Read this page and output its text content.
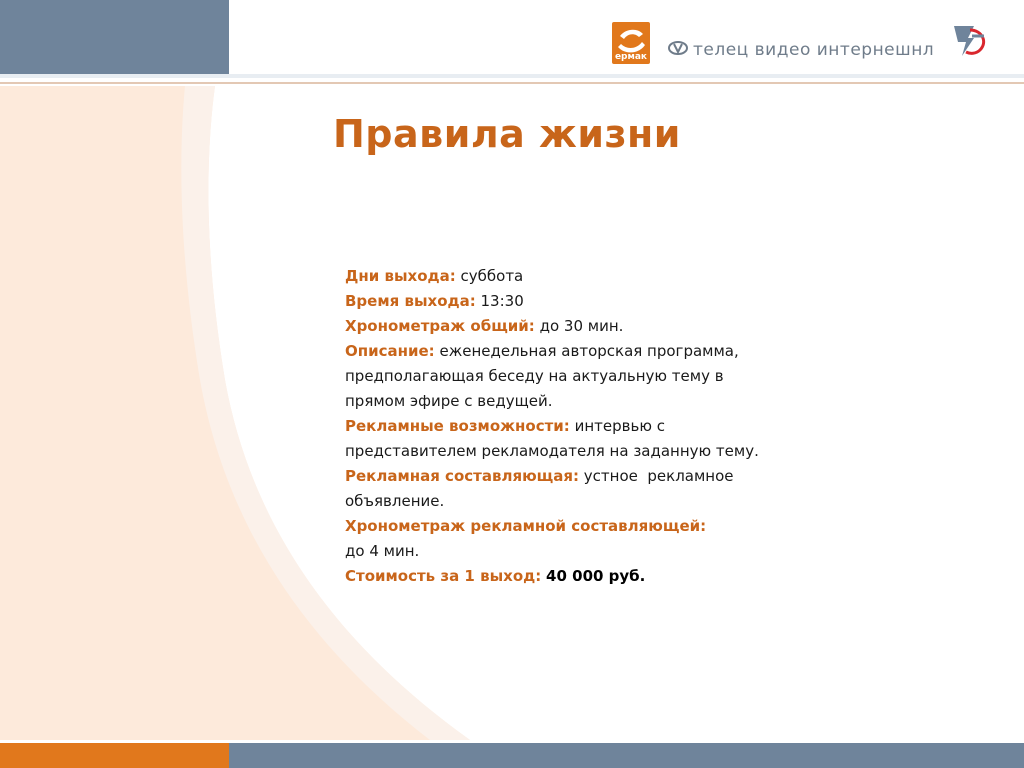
ермак	телец видео интернешнл
Правила жизни

Дни выхода: суббота

Время выхода: 13:30

Хронометраж общий: до 30 мин.

Описание: еженедельная авторская программа,

предполагающая беседу на актуальную тему в

прямом эфире с ведущей.

Рекламные возможности: интервью с

представителем рекламодателя на заданную тему.

Рекламная составляющая: устное  рекламное

объявление.

Хронометраж рекламной составляющей:

до 4 мин.

Стоимость за 1 выход: 40 000 руб.
